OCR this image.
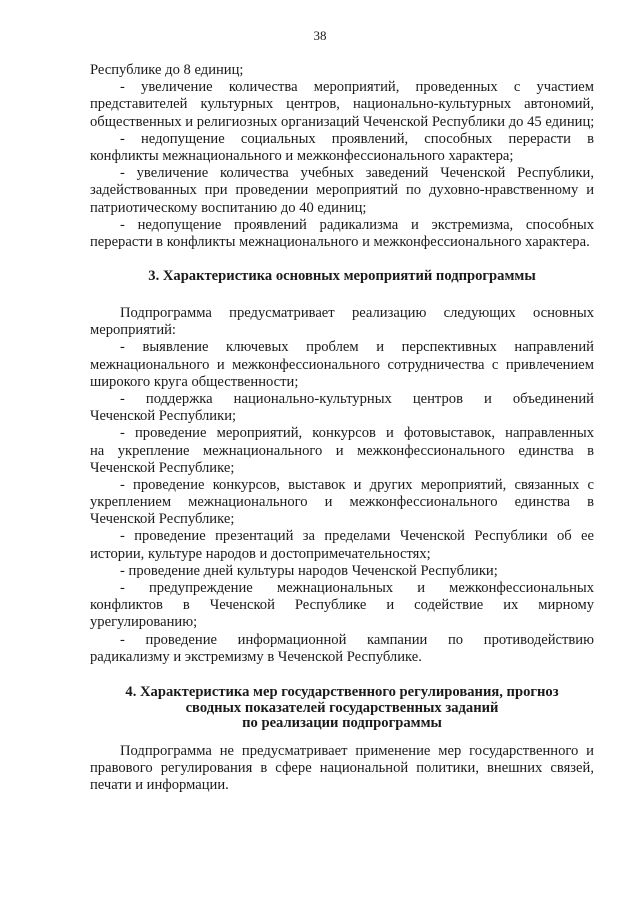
38
Республике до 8 единиц;
- увеличение количества мероприятий, проведенных с участием
представителей культурных центров, национально-культурных автономий,
общественных и религиозных организаций Чеченской Республики до 45 единиц;
- недопущение социальных проявлений, способных перерасти в
конфликты межнационального и межконфессионального характера;
- увеличение количества учебных заведений Чеченской Республики,
задействованных при проведении мероприятий по духовно-нравственному и
патриотическому воспитанию до 40 единиц;
- недопущение проявлений радикализма и экстремизма, способных
перерасти в конфликты межнационального и межконфессионального характера.
3. Характеристика основных мероприятий подпрограммы
Подпрограмма предусматривает реализацию следующих основных
мероприятий:
- выявление ключевых проблем и перспективных направлений
межнационального и межконфессионального сотрудничества с привлечением
широкого круга общественности;
- поддержка национально-культурных центров и объединений
Чеченской Республики;
- проведение мероприятий, конкурсов и фотовыставок, направленных
на укрепление межнационального и межконфессионального единства в
Чеченской Республике;
- проведение конкурсов, выставок и других мероприятий, связанных с
укреплением межнационального и межконфессионального единства в
Чеченской Республике;
- проведение презентаций за пределами Чеченской Республики об ее
истории, культуре народов и достопримечательностях;
- проведение дней культуры народов Чеченской Республики;
- предупреждение межнациональных и межконфессиональных
конфликтов в Чеченской Республике и содействие их мирному
урегулированию;
- проведение информационной кампании по противодействию
радикализму и экстремизму в Чеченской Республике.
4. Характеристика мер государственного регулирования, прогноз
сводных показателей государственных заданий
по реализации подпрограммы
Подпрограмма не предусматривает применение мер государственного и
правового регулирования в сфере национальной политики, внешних связей,
печати и информации.
